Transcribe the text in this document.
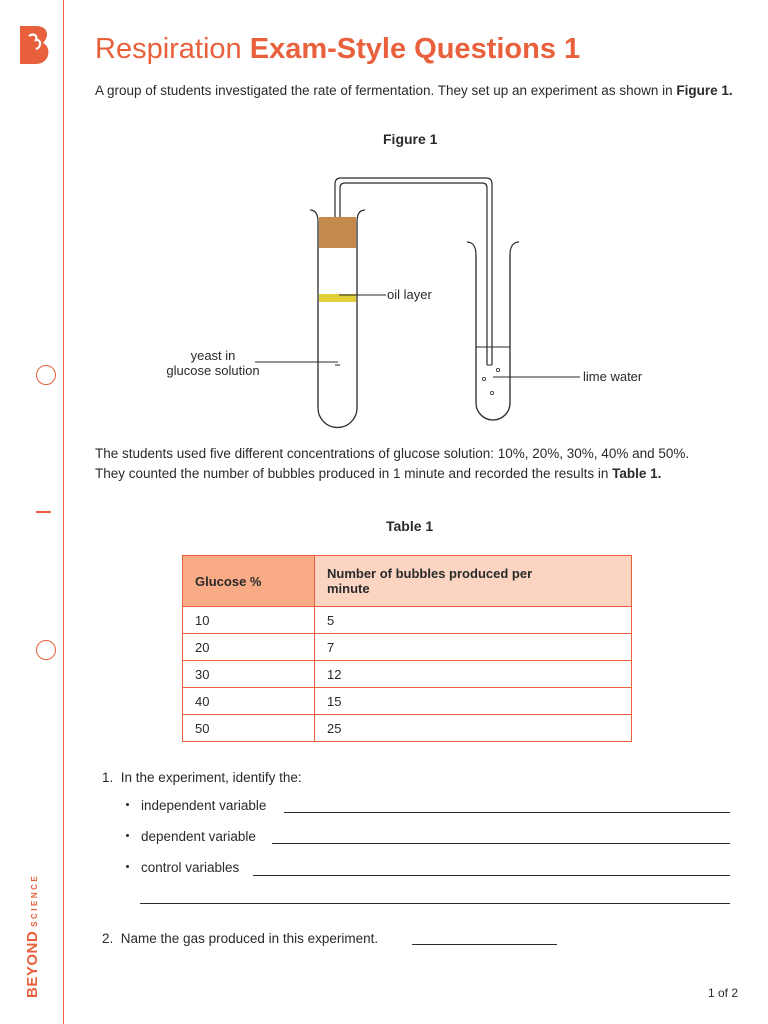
BEYONDSCIENCE
Respiration Exam-Style Questions 1
A group of students investigated the rate of fermentation. They set up an experiment as shown in Figure 1.
Figure 1
oil layer
yeast in
glucose solution	lime water
The students used five different concentrations of glucose solution: 10%, 20%, 30%, 40% and 50%.
They counted the number of bubbles produced in 1 minute and recorded the results in Table 1.
Table 1
Glucose %	Number of bubbles produced per minute
10	5
20	7
30	12
40	15
50	25
1. In the experiment, identify the:
independent variable
dependent variable
control variables
2. Name the gas produced in this experiment.
1 of 2
